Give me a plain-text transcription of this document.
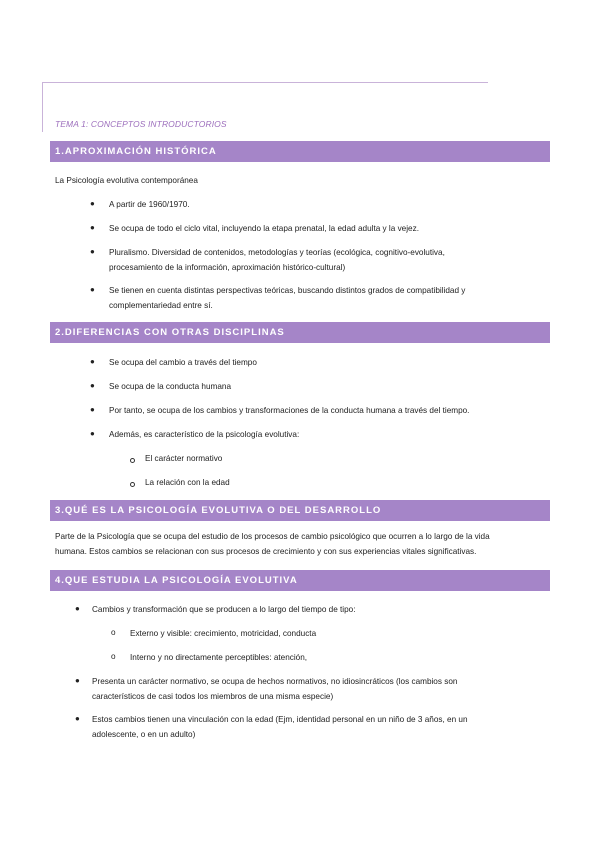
TEMA 1: CONCEPTOS INTRODUCTORIOS
1.APROXIMACIÓN HISTÓRICA
La Psicología evolutiva contemporánea
● A partir de 1960/1970.
● Se ocupa de todo el ciclo vital, incluyendo la etapa prenatal, la edad adulta y la vejez.
● Pluralismo. Diversidad de contenidos, metodologías y teorías (ecológica, cognitivo-evolutiva,
procesamiento de la información, aproximación histórico-cultural)
● Se tienen en cuenta distintas perspectivas teóricas, buscando distintos grados de compatibilidad y
complementariedad entre sí.
2.DIFERENCIAS CON OTRAS DISCIPLINAS
● Se ocupa del cambio a través del tiempo
● Se ocupa de la conducta humana
● Por tanto, se ocupa de los cambios y transformaciones de la conducta humana a través del tiempo.
● Además, es característico de la psicología evolutiva:
El carácter normativo
La relación con la edad
3.QUÉ ES LA PSICOLOGÍA EVOLUTIVA O DEL DESARROLLO
Parte de la Psicología que se ocupa del estudio de los procesos de cambio psicológico que ocurren a lo largo de la vida
humana. Estos cambios se relacionan con sus procesos de crecimiento y con sus experiencias vitales significativas.
4.QUE ESTUDIA LA PSICOLOGÍA EVOLUTIVA
● Cambios y transformación que se producen a lo largo del tiempo de tipo:
o Externo y visible: crecimiento, motricidad, conducta
o Interno y no directamente perceptibles: atención,
● Presenta un carácter normativo, se ocupa de hechos normativos, no idiosincráticos (los cambios son
característicos de casi todos los miembros de una misma especie)
● Estos cambios tienen una vinculación con la edad (Ejm, identidad personal en un niño de 3 años, en un
adolescente, o en un adulto)
